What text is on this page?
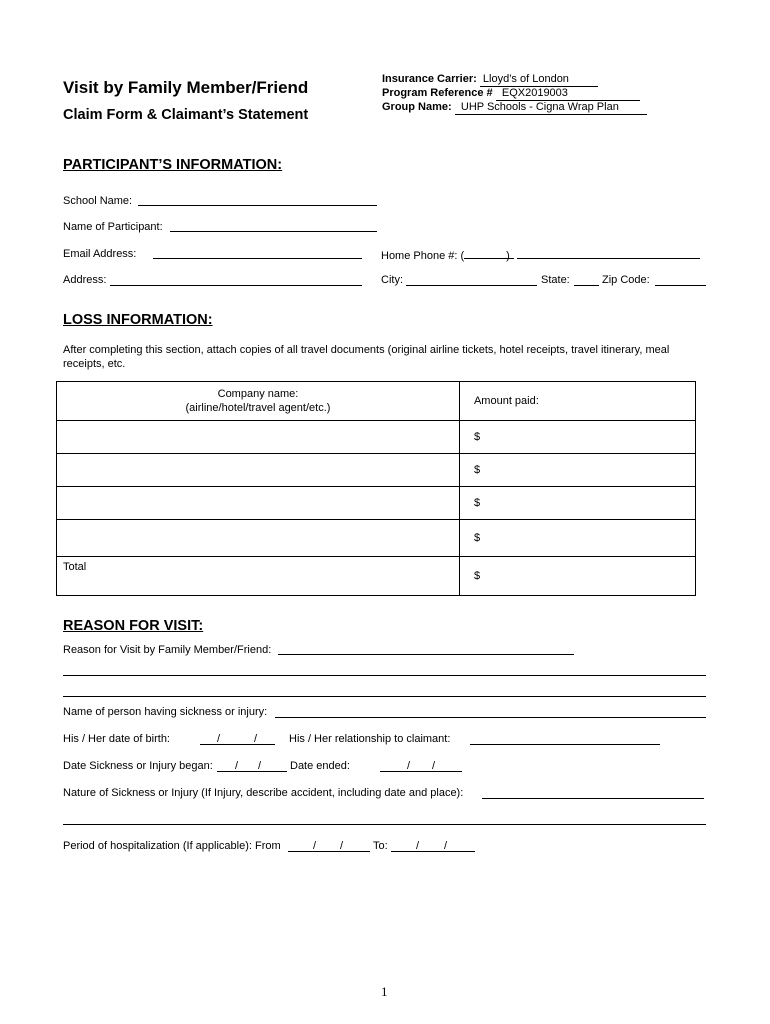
Visit by Family Member/Friend
Claim Form & Claimant’s Statement
Insurance Carrier: Lloyd’s of London
Program Reference # EQX2019003
Group Name: UHP Schools - Cigna Wrap Plan
PARTICIPANT’S INFORMATION:
School Name:
Name of Participant:
Email Address:	Home Phone #: (	)
Address:	City:	State:	Zip Code:
LOSS INFORMATION:
After completing this section, attach copies of all travel documents (original airline tickets, hotel receipts, travel itinerary, meal receipts, etc.
Company name:
(airline/hotel/travel agent/etc.)	Amount paid:
	$
	$
	$
	$
Total	$
REASON FOR VISIT:
Reason for Visit by Family Member/Friend:
Name of person having sickness or injury:
His / Her date of birth:	/	/	His / Her relationship to claimant:
Date Sickness or Injury began: / /	Date ended:	/ /
Nature of Sickness or Injury (If Injury, describe accident, including date and place):
Period of hospitalization (If applicable): From	/ /	To:	/ /
1
